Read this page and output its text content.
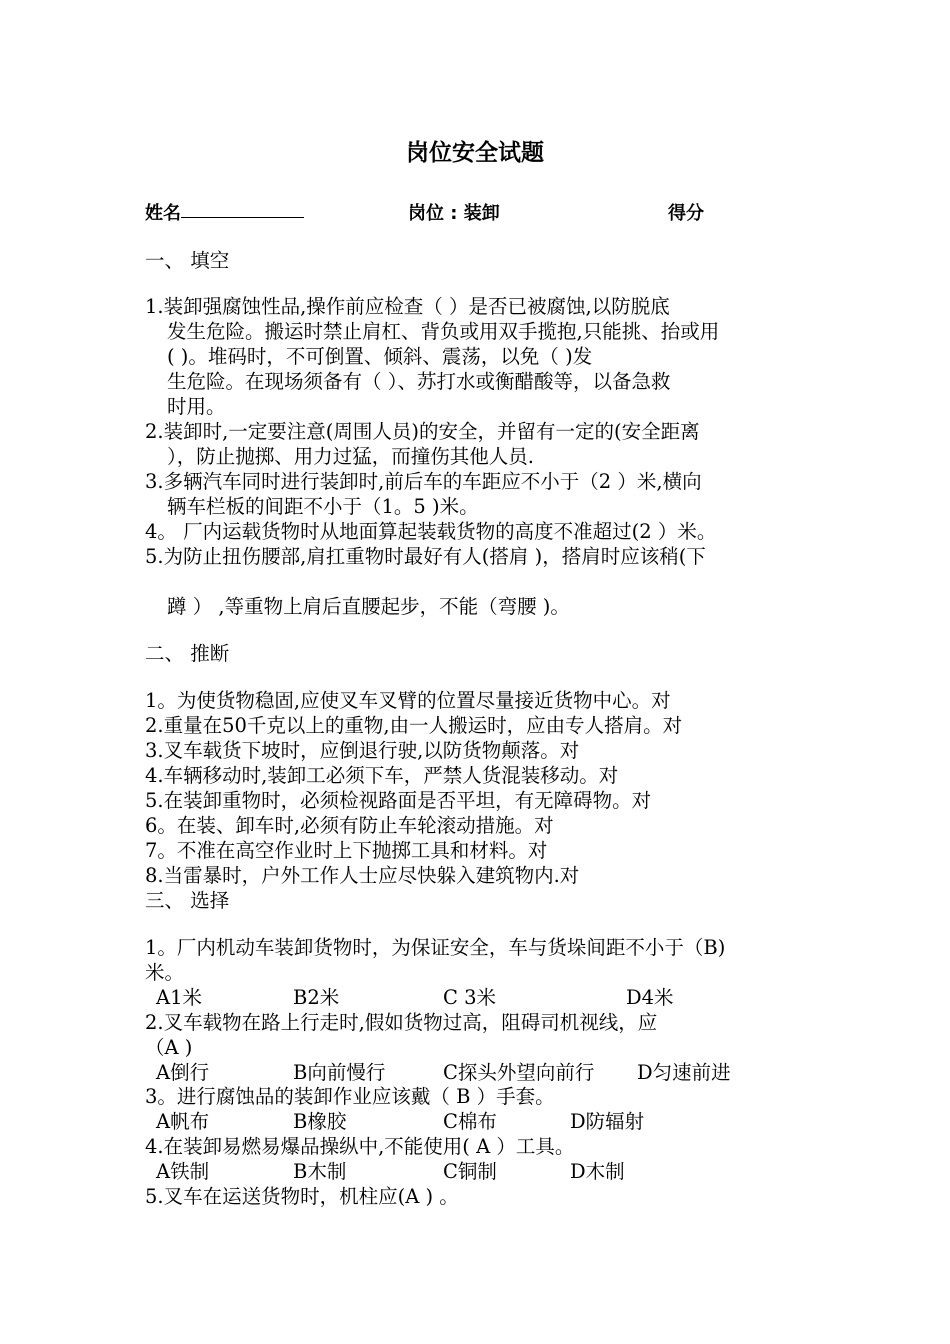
岗位安全试题
姓名	岗位 : 装卸	得分
一、 填空
1.装卸强腐蚀性品,操作前应检查（ ）是否已被腐蚀,以防脱底
发生危险。搬运时禁止肩杠、背负或用双手揽抱,只能挑、抬或用
( )。堆码时，不可倒置、倾斜、震荡，以免（ )发
生危险。在现场须备有（ ）、苏打水或衡醋酸等，以备急救
时用。
2.装卸时,一定要注意(周围人员)的安全，并留有一定的(安全距离
），防止抛掷、用力过猛，而撞伤其他人员.
3.多辆汽车同时进行装卸时,前后车的车距应不小于（2 ）米,横向
辆车栏板的间距不小于（1。5 )米。
4。 厂内运载货物时从地面算起装载货物的高度不准超过(2 ）米。
5.为防止扭伤腰部,肩扛重物时最好有人(搭肩 )，搭肩时应该稍(下
蹲 ） ,等重物上肩后直腰起步，不能（弯腰 )。
二、 推断
1。为使货物稳固,应使叉车叉臂的位置尽量接近货物中心。对
2.重量在50千克以上的重物,由一人搬运时，应由专人搭肩。对
3.叉车载货下坡时，应倒退行驶,以防货物颠落。对
4.车辆移动时,装卸工必须下车，严禁人货混装移动。对
5.在装卸重物时，必须检视路面是否平坦，有无障碍物。对
6。在装、卸车时,必须有防止车轮滚动措施。对
7。不准在高空作业时上下抛掷工具和材料。对
8.当雷暴时，户外工作人士应尽快躲入建筑物内.对
三、 选择
1。厂内机动车装卸货物时，为保证安全，车与货垛间距不小于（B)
米。
A1米	B2米	C 3米	D4米
2.叉车载物在路上行走时,假如货物过高，阻碍司机视线，应
（A )
A倒行	B向前慢行	C探头外望向前行 D匀速前进
3。进行腐蚀品的装卸作业应该戴（ B ）手套。
A帆布	B橡胶	C棉布	D防辐射
4.在装卸易燃易爆品操纵中,不能使用( A ）工具。
A铁制	B木制	C铜制	D木制
5.叉车在运送货物时，机柱应(A ) 。
